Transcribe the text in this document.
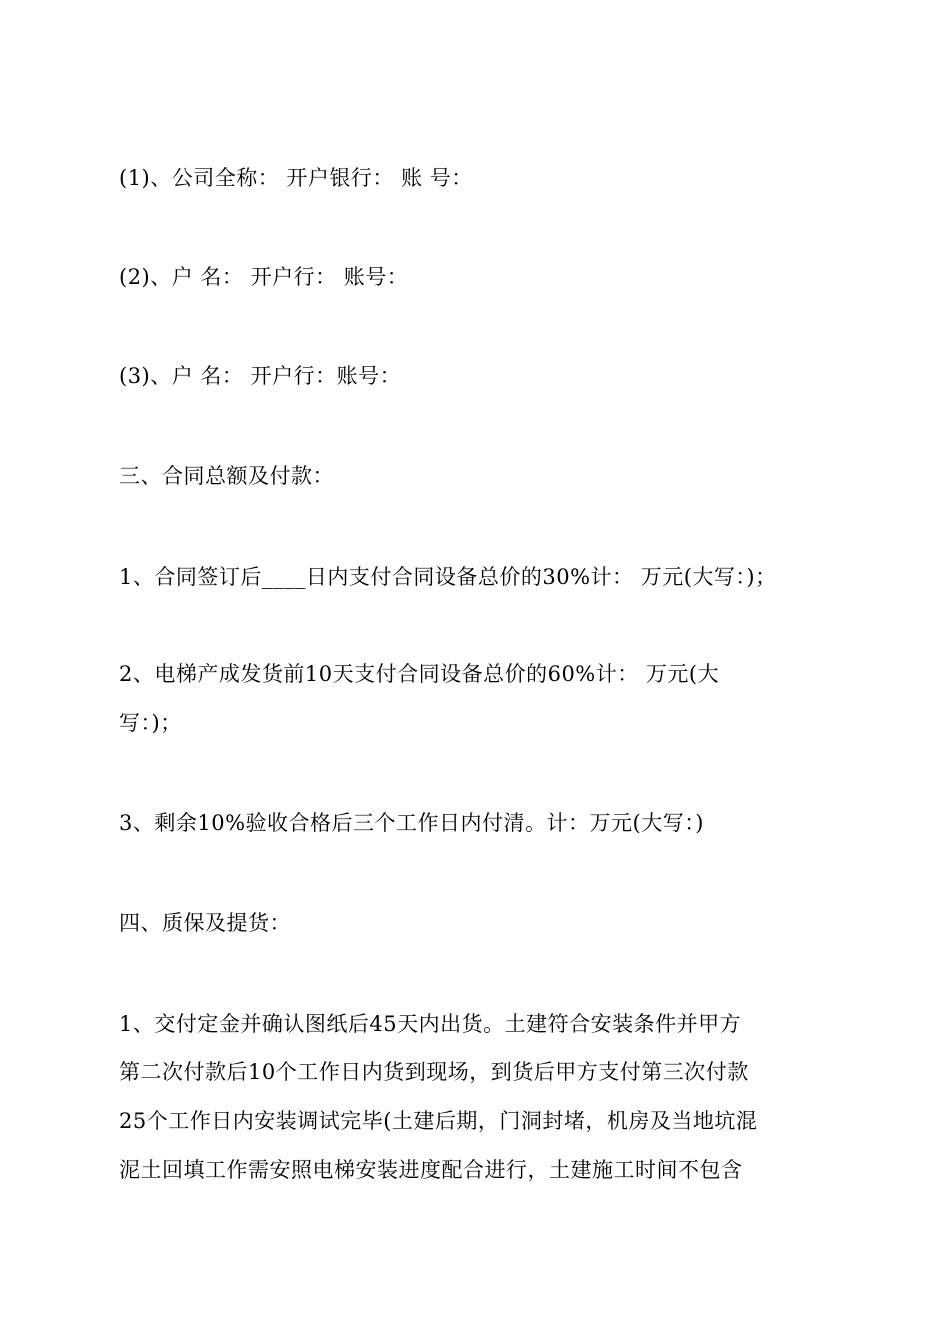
(1)、公司全称： 开户银行： 账 号：
(2)、户 名： 开户行： 账号：
(3)、户 名： 开户行：账号：
三、合同总额及付款：
1、合同签订后____日内支付合同设备总价的30%计： 万元(大写：)；
2、电梯产成发货前10天支付合同设备总价的60%计： 万元(大
写：)；
3、剩余10%验收合格后三个工作日内付清。计：万元(大写：)
四、质保及提货：
1、交付定金并确认图纸后45天内出货。土建符合安装条件并甲方
第二次付款后10个工作日内货到现场，到货后甲方支付第三次付款
25个工作日内安装调试完毕(土建后期，门洞封堵，机房及当地坑混
泥土回填工作需安照电梯安装进度配合进行，土建施工时间不包含
